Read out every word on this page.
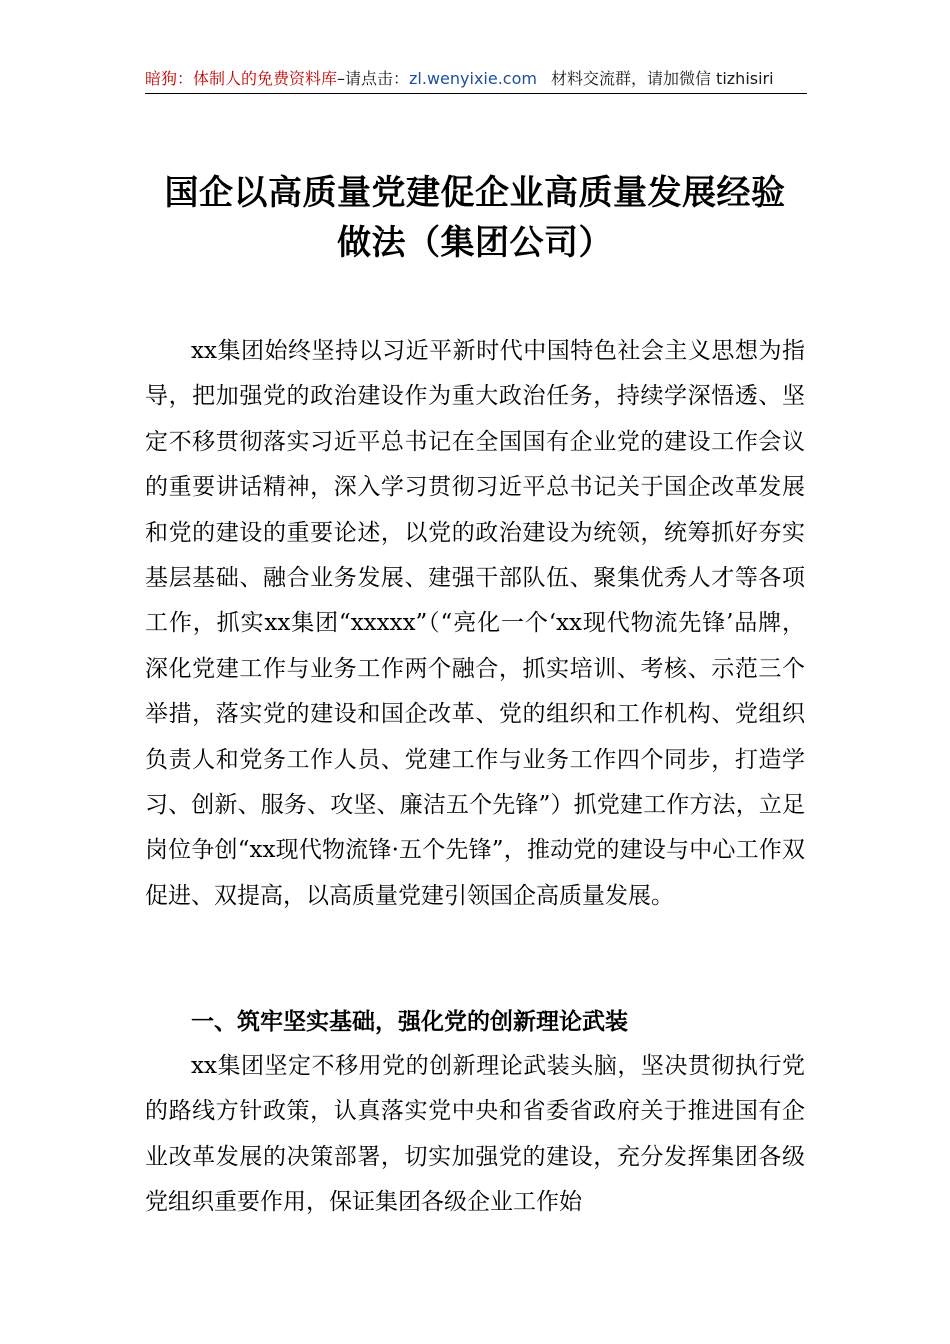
暗狗：体制人的免费资料库–请点击：zl.wenyixie.com 材料交流群，请加微信 tizhisiri
国企以高质量党建促企业高质量发展经验
做法（集团公司）
xx集团始终坚持以习近平新时代中国特色社会主义思想为指导，把加强党的政治建设作为重大政治任务，持续学深悟透、坚定不移贯彻落实习近平总书记在全国国有企业党的建设工作会议的重要讲话精神，深入学习贯彻习近平总书记关于国企改革发展和党的建设的重要论述，以党的政治建设为统领，统筹抓好夯实基层基础、融合业务发展、建强干部队伍、聚集优秀人才等各项工作，抓实xx集团“xxxxx”（“亮化一个‘xx现代物流先锋’品牌，深化党建工作与业务工作两个融合，抓实培训、考核、示范三个举措，落实党的建设和国企改革、党的组织和工作机构、党组织负责人和党务工作人员、党建工作与业务工作四个同步，打造学习、创新、服务、攻坚、廉洁五个先锋”）抓党建工作方法，立足岗位争创“xx现代物流锋·五个先锋”，推动党的建设与中心工作双促进、双提高，以高质量党建引领国企高质量发展。
一、筑牢坚实基础，强化党的创新理论武装
xx集团坚定不移用党的创新理论武装头脑，坚决贯彻执行党的路线方针政策，认真落实党中央和省委省政府关于推进国有企业改革发展的决策部署，切实加强党的建设，充分发挥集团各级党组织重要作用，保证集团各级企业工作始
